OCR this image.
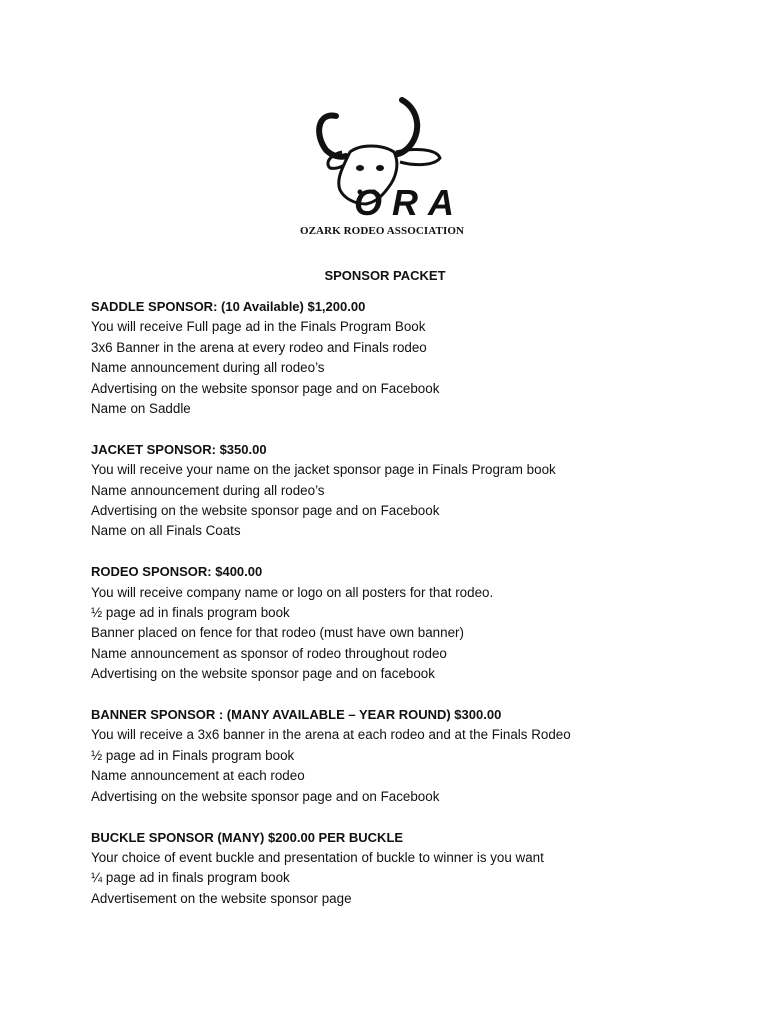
ORA
OZARK RODEO ASSOCIATION
SPONSOR PACKET
SADDLE SPONSOR: (10 Available) $1,200.00
You will receive Full page ad in the Finals Program Book
3x6 Banner in the arena at every rodeo and Finals rodeo
Name announcement during all rodeo’s
Advertising on the website sponsor page and on Facebook
Name on Saddle
JACKET SPONSOR: $350.00
You will receive your name on the jacket sponsor page in Finals Program book
Name announcement during all rodeo’s
Advertising on the website sponsor page and on Facebook
Name on all Finals Coats
RODEO SPONSOR: $400.00
You will receive company name or logo on all posters for that rodeo.
½ page ad in finals program book
Banner placed on fence for that rodeo (must have own banner)
Name announcement as sponsor of rodeo throughout rodeo
Advertising on the website sponsor page and on facebook
BANNER SPONSOR : (MANY AVAILABLE – YEAR ROUND) $300.00
You will receive a 3x6 banner in the arena at each rodeo and at the Finals Rodeo
½ page ad in Finals program book
Name announcement at each rodeo
Advertising on the website sponsor page and on Facebook
BUCKLE SPONSOR (MANY) $200.00 PER BUCKLE
Your choice of event buckle and presentation of buckle to winner is you want
¼ page ad in finals program book
Advertisement on the website sponsor page
